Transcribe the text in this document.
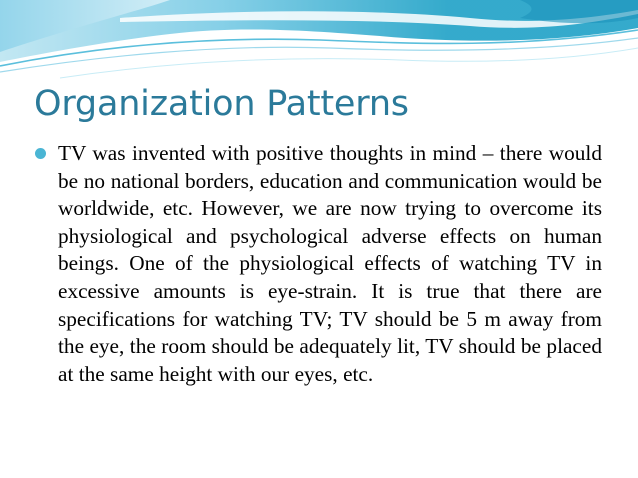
Organization Patterns
TV was invented with positive thoughts in mind – there would be no national borders, education and communication would be worldwide, etc. However, we are now trying to overcome its physiological and psychological adverse effects on human beings. One of the physiological effects of watching TV in excessive amounts is eye-strain. It is true that there are specifications for watching TV; TV should be 5 m away from the eye, the room should be adequately lit, TV should be placed at the same height with our eyes, etc.
